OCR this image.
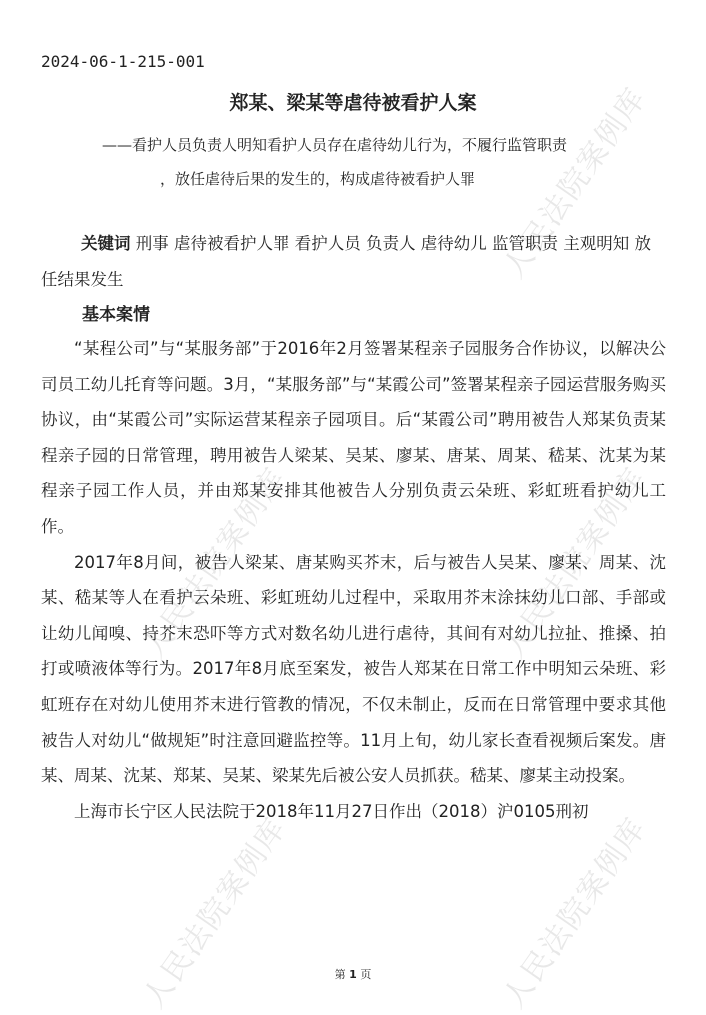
人民法院案例库
人民法院案例库	人民法院案例库
人民法院案例库	人民法院案例库
2024-06-1-215-001
郑某、梁某等虐待被看护人案
——看护人员负责人明知看护人员存在虐待幼儿行为，不履行监管职责
，放任虐待后果的发生的，构成虐待被看护人罪
关键词 刑事 虐待被看护人罪 看护人员 负责人 虐待幼儿 监管职责 主观明知 放任结果发生
基本案情

“某程公司”与“某服务部”于2016年2月签署某程亲子园服务合作协议，以解决公司员工幼儿托育等问题。3月，“某服务部”与“某霞公司”签署某程亲子园运营服务购买协议，由“某霞公司”实际运营某程亲子园项目。后“某霞公司”聘用被告人郑某负责某程亲子园的日常管理，聘用被告人梁某、吴某、廖某、唐某、周某、嵇某、沈某为某程亲子园工作人员，并由郑某安排其他被告人分别负责云朵班、彩虹班看护幼儿工作。

2017年8月间，被告人梁某、唐某购买芥末，后与被告人吴某、廖某、周某、沈某、嵇某等人在看护云朵班、彩虹班幼儿过程中，采取用芥末涂抹幼儿口部、手部或让幼儿闻嗅、持芥末恐吓等方式对数名幼儿进行虐待，其间有对幼儿拉扯、推搡、拍打或喷液体等行为。2017年8月底至案发，被告人郑某在日常工作中明知云朵班、彩虹班存在对幼儿使用芥末进行管教的情况，不仅未制止，反而在日常管理中要求其他被告人对幼儿“做规矩”时注意回避监控等。11月上旬，幼儿家长查看视频后案发。唐某、周某、沈某、郑某、吴某、梁某先后被公安人员抓获。嵇某、廖某主动投案。

上海市长宁区人民法院于2018年11月27日作出（2018）沪0105刑初

第 1 页
